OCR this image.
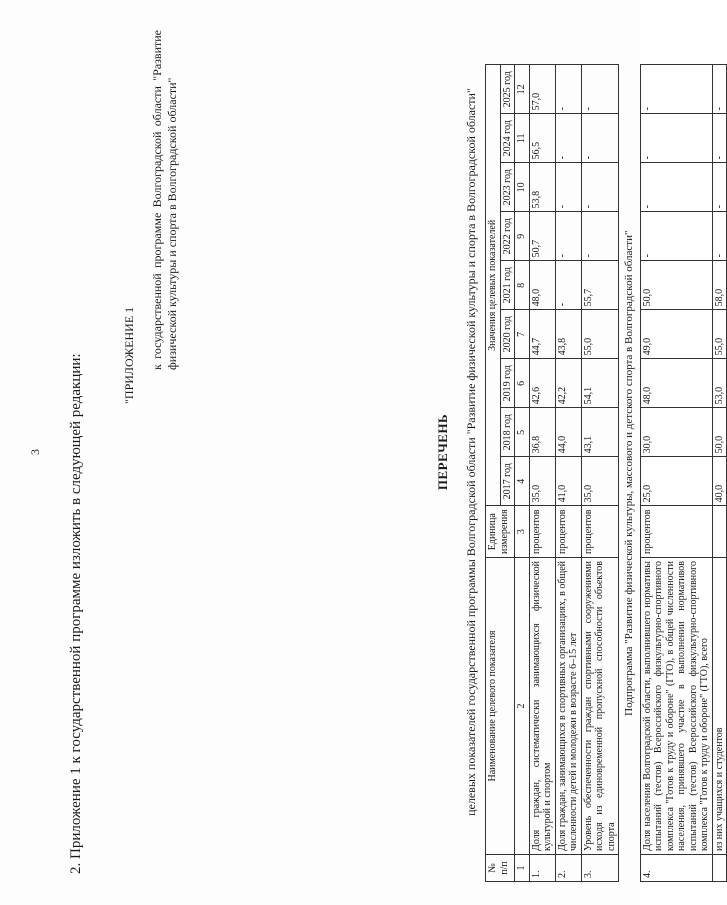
3 2. Приложение 1 к государственной программе изложить в следующей редакции:	"ПРИЛОЖЕНИЕ 1 к государственной программе Волгоградской области "Развитие физической культуры и спорта в Волгоградской области"
ПЕРЕЧЕНЬ целевых показателей государственной программы Волгоградской области "Развитие физической культуры и спорта в Волгоградской области"
№ п/п	Наименование целевого показателя	Единица измерения	Значения целевых показателей								
			2017 год	2018 год	2019 год	2020 год	2021 год	2022 год	2023 год	2024 год	2025 год
1	2	3	4	5	6	7	8	9	10	11	12
1.	Доля граждан, систематически занимающихся физической культурой и спортом	процентов	35,0	36,8	42,6	44,7	48,0	50,7	53,8	56,5	57,0
2.	Доля граждан, занимающихся в спортивных организациях, в общей численности детей и молодежи в возрасте 6–15 лет	процентов	41,0	44,0	42,2	43,8	-	-	-	-	-
3.	Уровень обеспеченности граждан спортивными сооружениями исходя из единовременной пропускной способности объектов спорта	процентов	35,0	43,1	54,1	55,0	55,7	-	-	-	-
Подпрограмма "Развитие физической культуры, массового и детского спорта в Волгоградской области"											
4.	Доля населения Волгоградской области, выполнившего нормативы испытаний (тестов) Всероссийского физкультурно-спортивного комплекса "Готов к труду и обороне" (ГТО), в общей численности населения, принявшего участие в выполнении нормативов испытаний (тестов) Всероссийского физкультурно-спортивного комплекса "Готов к труду и обороне" (ГТО), всего	процентов	25,0	30,0	48,0	49,0	50,0	-	-	-	-
	из них учащихся и студентов		40,0	50,0	53,0	55,0	58,0	-	-	-	-
